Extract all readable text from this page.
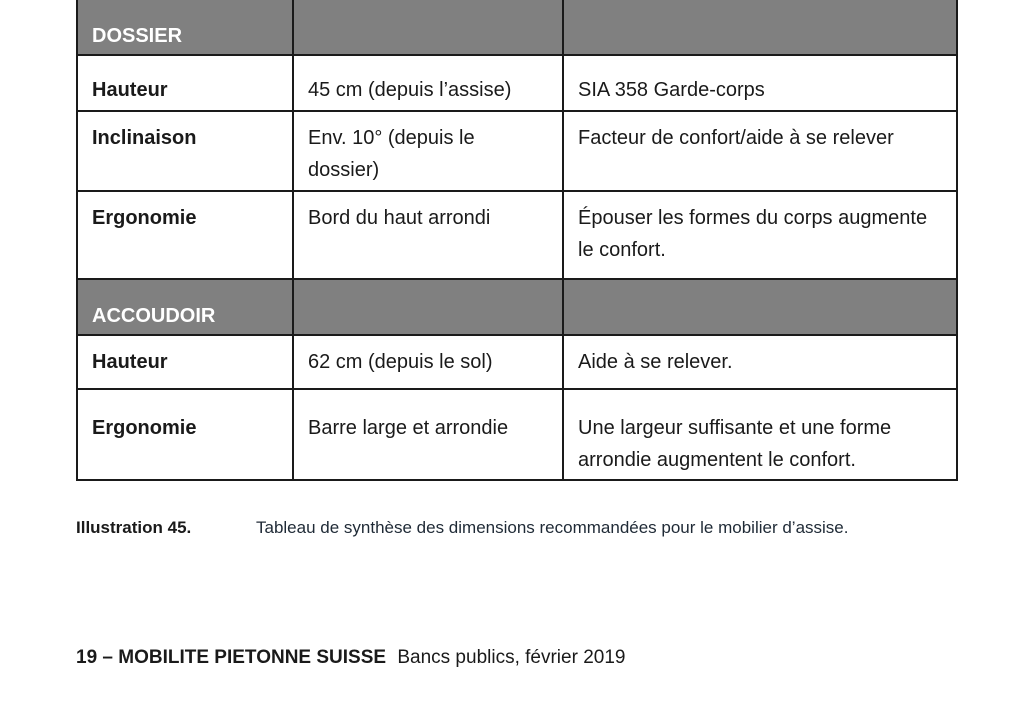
DOSSIER		
Hauteur	45 cm (depuis l’assise)	SIA 358 Garde-corps
Inclinaison	Env. 10° (depuis le dossier)	Facteur de confort/aide à se relever
Ergonomie	Bord du haut arrondi	Épouser les formes du corps augmente le confort.
ACCOUDOIR		
Hauteur	62 cm (depuis le sol)	Aide à se relever.
Ergonomie	Barre large et arrondie	Une largeur suffisante et une forme arrondie augmentent le confort.
Illustration 45.	Tableau de synthèse des dimensions recommandées pour le mobilier d’assise.
19 – MOBILITE PIETONNE SUISSE Bancs publics, février 2019
